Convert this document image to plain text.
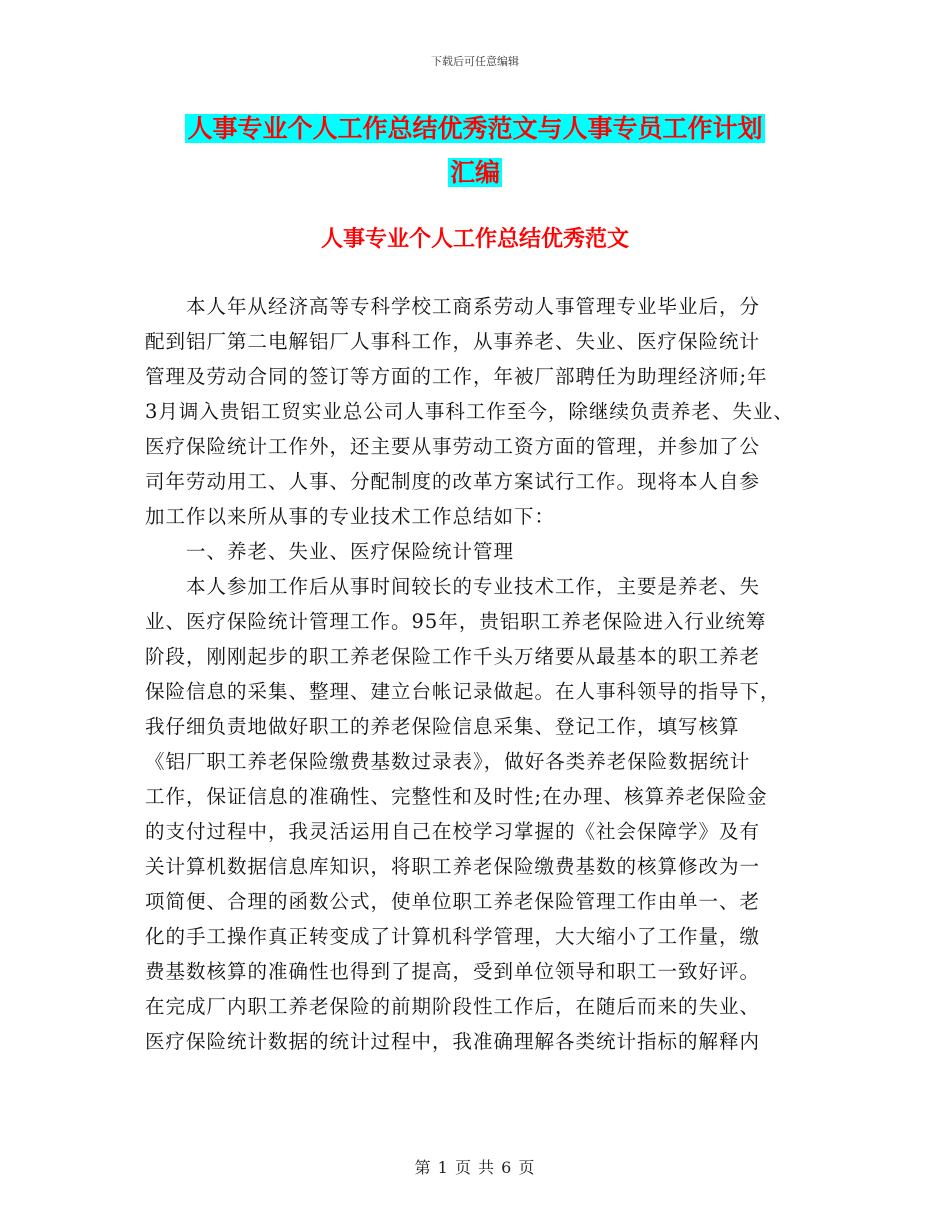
下载后可任意编辑
人事专业个人工作总结优秀范文与人事专员工作计划
汇编
人事专业个人工作总结优秀范文
　　本人年从经济高等专科学校工商系劳动人事管理专业毕业后，分
配到铝厂第二电解铝厂人事科工作，从事养老、失业、医疗保险统计
管理及劳动合同的签订等方面的工作，年被厂部聘任为助理经济师;年
3月调入贵铝工贸实业总公司人事科工作至今，除继续负责养老、失业、
医疗保险统计工作外，还主要从事劳动工资方面的管理，并参加了公
司年劳动用工、人事、分配制度的改革方案试行工作。现将本人自参
加工作以来所从事的专业技术工作总结如下：
　　一、养老、失业、医疗保险统计管理
　　本人参加工作后从事时间较长的专业技术工作，主要是养老、失
业、医疗保险统计管理工作。95年，贵铝职工养老保险进入行业统筹
阶段，刚刚起步的职工养老保险工作千头万绪要从最基本的职工养老
保险信息的采集、整理、建立台帐记录做起。在人事科领导的指导下，
我仔细负责地做好职工的养老保险信息采集、登记工作，填写核算
《铝厂职工养老保险缴费基数过录表》，做好各类养老保险数据统计
工作，保证信息的准确性、完整性和及时性;在办理、核算养老保险金
的支付过程中，我灵活运用自己在校学习掌握的《社会保障学》及有
关计算机数据信息库知识，将职工养老保险缴费基数的核算修改为一
项简便、合理的函数公式，使单位职工养老保险管理工作由单一、老
化的手工操作真正转变成了计算机科学管理，大大缩小了工作量，缴
费基数核算的准确性也得到了提高，受到单位领导和职工一致好评。
在完成厂内职工养老保险的前期阶段性工作后，在随后而来的失业、
医疗保险统计数据的统计过程中，我准确理解各类统计指标的解释内
第 1 页 共 6 页
